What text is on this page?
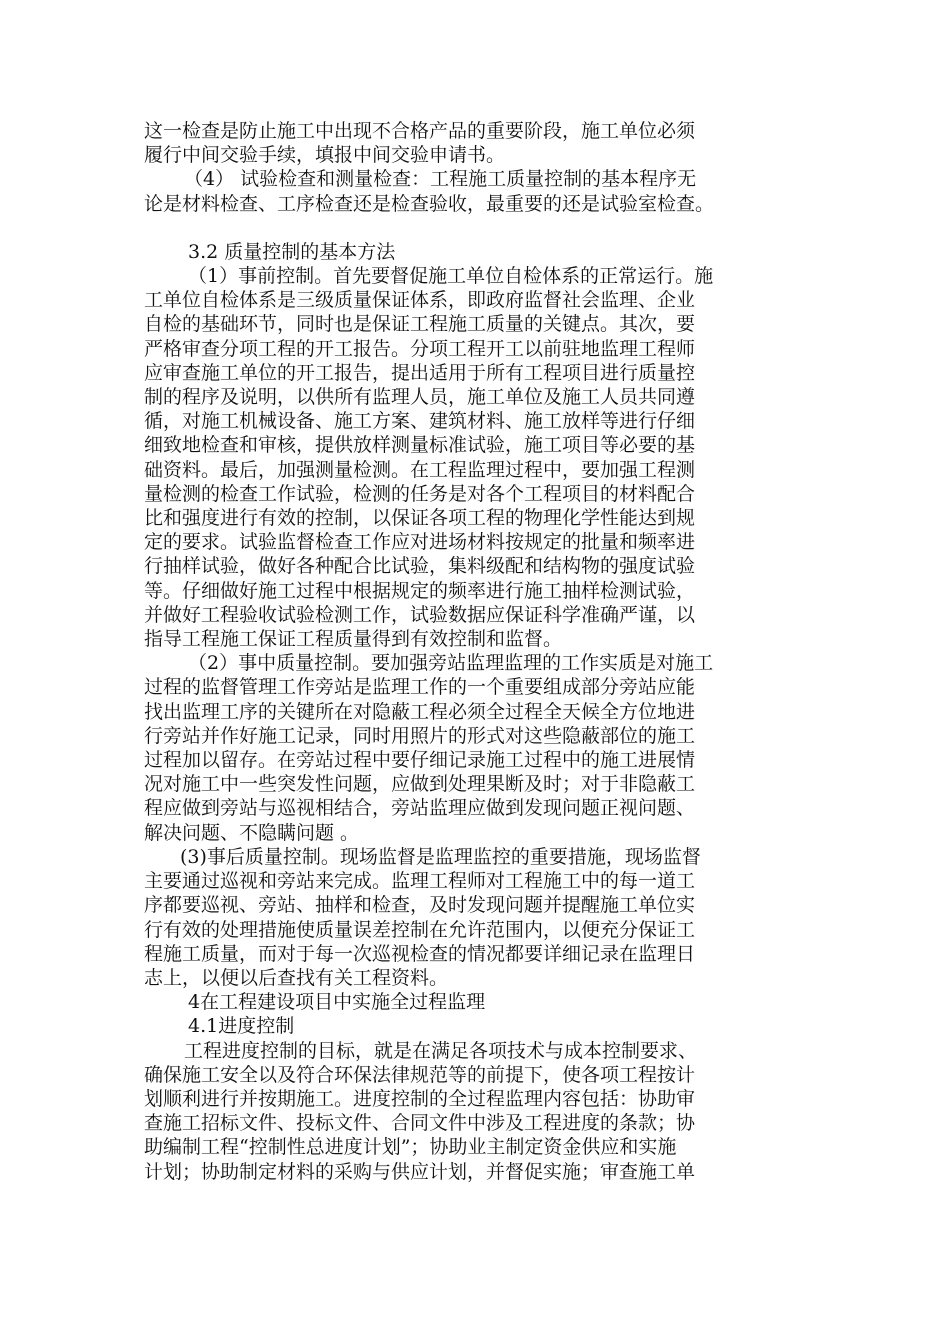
这一检查是防止施工中出现不合格产品的重要阶段，施工单位必须
履行中间交验手续，填报中间交验申请书。
（4） 试验检查和测量检查：工程施工质量控制的基本程序无
论是材料检查、工序检查还是检查验收，最重要的还是试验室检查。
3.2 质量控制的基本方法
（1）事前控制。首先要督促施工单位自检体系的正常运行。施
工单位自检体系是三级质量保证体系，即政府监督社会监理、企业
自检的基础环节，同时也是保证工程施工质量的关键点。其次，要
严格审查分项工程的开工报告。分项工程开工以前驻地监理工程师
应审查施工单位的开工报告，提出适用于所有工程项目进行质量控
制的程序及说明，以供所有监理人员，施工单位及施工人员共同遵
循，对施工机械设备、施工方案、建筑材料、施工放样等进行仔细
细致地检查和审核，提供放样测量标准试验，施工项目等必要的基
础资料。最后，加强测量检测。在工程监理过程中，要加强工程测
量检测的检查工作试验，检测的任务是对各个工程项目的材料配合
比和强度进行有效的控制，以保证各项工程的物理化学性能达到规
定的要求。试验监督检查工作应对进场材料按规定的批量和频率进
行抽样试验，做好各种配合比试验，集料级配和结构物的强度试验
等。仔细做好施工过程中根据规定的频率进行施工抽样检测试验，
并做好工程验收试验检测工作，试验数据应保证科学准确严谨，以
指导工程施工保证工程质量得到有效控制和监督。
（2）事中质量控制。要加强旁站监理监理的工作实质是对施工
过程的监督管理工作旁站是监理工作的一个重要组成部分旁站应能
找出监理工序的关键所在对隐蔽工程必须全过程全天候全方位地进
行旁站并作好施工记录，同时用照片的形式对这些隐蔽部位的施工
过程加以留存。在旁站过程中要仔细记录施工过程中的施工进展情
况对施工中一些突发性问题，应做到处理果断及时；对于非隐蔽工
程应做到旁站与巡视相结合，旁站监理应做到发现问题正视问题、
解决问题、不隐瞒问题 。
(3)事后质量控制。现场监督是监理监控的重要措施，现场监督
主要通过巡视和旁站来完成。监理工程师对工程施工中的每一道工
序都要巡视、旁站、抽样和检查，及时发现问题并提醒施工单位实
行有效的处理措施使质量误差控制在允许范围内，以便充分保证工
程施工质量，而对于每一次巡视检查的情况都要详细记录在监理日
志上，以便以后查找有关工程资料。
4在工程建设项目中实施全过程监理
4.1进度控制
工程进度控制的目标，就是在满足各项技术与成本控制要求、
确保施工安全以及符合环保法律规范等的前提下，使各项工程按计
划顺利进行并按期施工。进度控制的全过程监理内容包括：协助审
查施工招标文件、投标文件、合同文件中涉及工程进度的条款；协
助编制工程“控制性总进度计划”；协助业主制定资金供应和实施
计划；协助制定材料的采购与供应计划，并督促实施；审查施工单
